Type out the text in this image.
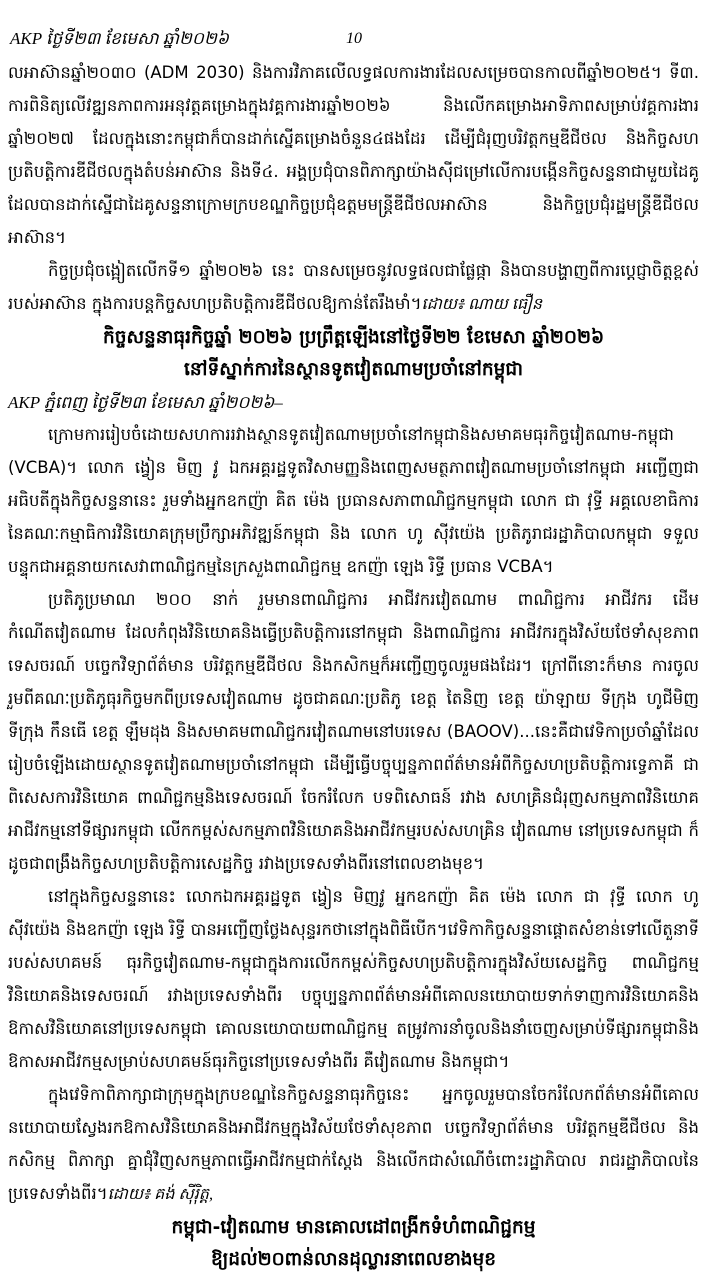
AKP ថ្ងៃទី២៣ ខែមេសា ឆ្នាំ២០២៦	10

លអាស៊ានឆ្នាំ២០៣០ (ADM 2030) និងការវិភាគលើលទ្ធផលការងារដែលសម្រេចបានកាលពីឆ្នាំ២០២៥។ ទី៣. ការពិនិត្យលើវឌ្ឍនភាពការអនុវត្តគម្រោងក្នុងវគ្គការងារឆ្នាំ២០២៦ និងលើកគម្រោងអាទិភាពសម្រាប់វគ្គការងារឆ្នាំ២០២៧ ដែលក្នុងនោះកម្ពុជាក៏បានដាក់ស្នើគម្រោងចំនួន៤ផងដែរ ដើម្បីជំរុញបរិវត្តកម្មឌីជីថល និងកិច្ចសហប្រតិបត្តិការឌីជីថលក្នុងតំបន់អាស៊ាន និងទី៤. អង្គប្រជុំបានពិភាក្សាយ៉ាងស៊ីជម្រៅលើការបង្កើនកិច្ចសន្ទនាជាមួយដៃគូដែលបានដាក់ស្នើជាដៃគូសន្ទនាក្រោមក្របខណ្ឌកិច្ចប្រជុំឧត្តមមន្ត្រីឌីជីថលអាស៊ាន និងកិច្ចប្រជុំរដ្ឋមន្ត្រីឌីជីថលអាស៊ាន។

កិច្ចប្រជុំចង្អៀតលើកទី១ ឆ្នាំ២០២៦ នេះ បានសម្រេចនូវលទ្ធផលជាផ្លែផ្កា និងបានបង្ហាញពីការប្តេជ្ញាចិត្តខ្ពស់របស់អាស៊ាន ក្នុងការបន្តកិច្ចសហប្រតិបត្តិការឌីជីថលឱ្យកាន់តែរឹងមាំ។ដោយ៖ ណាយ ធឿន

កិច្ចសន្ទនាធុរកិច្ចឆ្នាំ ២០២៦ ប្រព្រឹត្តឡើងនៅថ្ងៃទី២២ ខែមេសា ឆ្នាំ២០២៦
នៅទីស្នាក់ការនៃស្ថានទូតវៀតណាមប្រចាំនៅកម្ពុជា
AKP ភ្នំពេញ ថ្ងៃទី២៣ ខែមេសា ឆ្នាំ២០២៦–

ក្រោមការរៀបចំដោយសហការរវាងស្ថានទូតវៀតណាមប្រចាំនៅកម្ពុជានិងសមាគមធុរកិច្ចវៀតណាម-កម្ពុជា (VCBA)។ លោក ង្វៀន មិញ វូ ឯកអគ្គរដ្ឋទូតវិសាមញ្ញនិងពេញសមត្ថភាពវៀតណាមប្រចាំនៅកម្ពុជា អញ្ជើញជា អធិបតីក្នុងកិច្ចសន្ទនានេះ រួមទាំងអ្នកឧកញ៉ា គិត ម៉េង ប្រធានសភាពាណិជ្ជកម្មកម្ពុជា លោក ជា វុទ្ធី អគ្គលេខាធិការនៃគណៈកម្មាធិការវិនិយោគក្រុមប្រឹក្សាអភិវឌ្ឍន៍កម្ពុជា និង លោក ហូ ស៊ីវយ៉េង ប្រតិភូរាជរដ្ឋាភិបាលកម្ពុជា ទទួលបន្ទុកជាអគ្គនាយកសេវាពាណិជ្ជកម្មនៃក្រសួងពាណិជ្ជកម្ម ឧកញ៉ា ឡេង រិទ្ធី ប្រធាន VCBA។

ប្រតិភូប្រមាណ ២០០ នាក់ រួមមានពាណិជ្ជការ អាជីវករវៀតណាម ពាណិជ្ជការ អាជីវករ ដើមកំណើតវៀតណាម ដែលកំពុងវិនិយោគនិងធ្វើប្រតិបត្តិការនៅកម្ពុជា និងពាណិជ្ជការ អាជីវករក្នុងវិស័យថែទាំសុខភាព ទេសចរណ៍ បច្ចេកវិទ្យាព័ត៌មាន បរិវត្តកម្មឌីជីថល និងកសិកម្មក៏អញ្ជើញចូលរួមផងដែរ។ ក្រៅពីនោះក៏មាន ការចូលរួមពីគណៈប្រតិភូធុរកិច្ចមកពីប្រទេសវៀតណាម ដូចជាគណៈប្រតិភូ ខេត្ត តៃនិញ ខេត្ត យ៉ាឡាយ ទីក្រុង ហូជីមិញ ទីក្រុង កឹនធើ ខេត្ត ឡឹមដុង និងសមាគមពាណិជ្ជករវៀតណាមនៅបរទេស (BAOOV)...នេះគឺជាវេទិកាប្រចាំឆ្នាំដែលរៀបចំឡើងដោយស្ថានទូតវៀតណាមប្រចាំនៅកម្ពុជា ដើម្បីធ្វើបច្ចុប្បន្នភាពព័ត៌មានអំពីកិច្ចសហប្រតិបត្តិការទ្វេភាគី ជាពិសេសការវិនិយោគ ពាណិជ្ជកម្មនិងទេសចរណ៍ ចែករំលែក បទពិសោធន៍ រវាង សហគ្រិនជំរុញសកម្មភាពវិនិយោគ អាជីវកម្មនៅទីផ្សារកម្ពុជា លើកកម្ពស់សកម្មភាពវិនិយោគនិងអាជីវកម្មរបស់សហគ្រិន វៀតណាម នៅប្រទេសកម្ពុជា ក៏ដូចជាពង្រឹងកិច្ចសហប្រតិបត្តិការសេដ្ឋកិច្ច រវាងប្រទេសទាំងពីរនៅពេលខាងមុខ។

នៅក្នុងកិច្ចសន្ទនានេះ លោកឯកអគ្គរដ្ឋទូត ង្វៀន មិញវូ អ្នកឧកញ៉ា គិត ម៉េង លោក ជា វុទ្ធី លោក ហូ ស៊ីវយ៉េង និងឧកញ៉ា ឡេង រិទ្ធី បានអញ្ជើញថ្លែងសុន្ទរកថានៅក្នុងពិធីបើក។វេទិកាកិច្ចសន្ទនាផ្តោតសំខាន់ទៅលើតួនាទីរបស់សហគមន៍ ធុរកិច្ចវៀតណាម-កម្ពុជាក្នុងការលើកកម្ពស់កិច្ចសហប្រតិបត្តិការក្នុងវិស័យសេដ្ឋកិច្ច ពាណិជ្ជកម្ម វិនិយោគនិងទេសចរណ៍ រវាងប្រទេសទាំងពីរ បច្ចុប្បន្នភាពព័ត៌មានអំពីគោលនយោបាយទាក់ទាញការវិនិយោគនិងឱកាសវិនិយោគនៅប្រទេសកម្ពុជា គោលនយោបាយពាណិជ្ជកម្ម តម្រូវការនាំចូលនិងនាំចេញសម្រាប់ទីផ្សារកម្ពុជានិងឱកាសអាជីវកម្មសម្រាប់សហគមន៍ធុរកិច្ចនៅប្រទេសទាំងពីរ គឺវៀតណាម និងកម្ពុជា។

ក្នុងវេទិកាពិភាក្សាជាក្រុមក្នុងក្របខណ្ឌនៃកិច្ចសន្ទនាធុរកិច្ចនេះ អ្នកចូលរួមបានចែករំលែកព័ត៌មានអំពីគោលនយោបាយស្វែងរកឱកាសវិនិយោគនិងអាជីវកម្មក្នុងវិស័យថែទាំសុខភាព បច្ចេកវិទ្យាព័ត៌មាន បរិវត្តកម្មឌីជីថល និងកសិកម្ម ពិភាក្សា គ្នាជុំវិញសកម្មភាពធ្វើអាជីវកម្មជាក់ស្តែង និងលើកជាសំណើចំពោះរដ្ឋាភិបាល រាជរដ្ឋាភិបាលនៃប្រទេសទាំងពីរ។ដោយ៖ គង់ ស៊ីរ៉ិត្ត,

កម្ពុជា-វៀតណាម មានគោលដៅពង្រីកទំហំពាណិជ្ជកម្ម
ឱ្យដល់២០ពាន់លានដុល្លារនាពេលខាងមុខ
